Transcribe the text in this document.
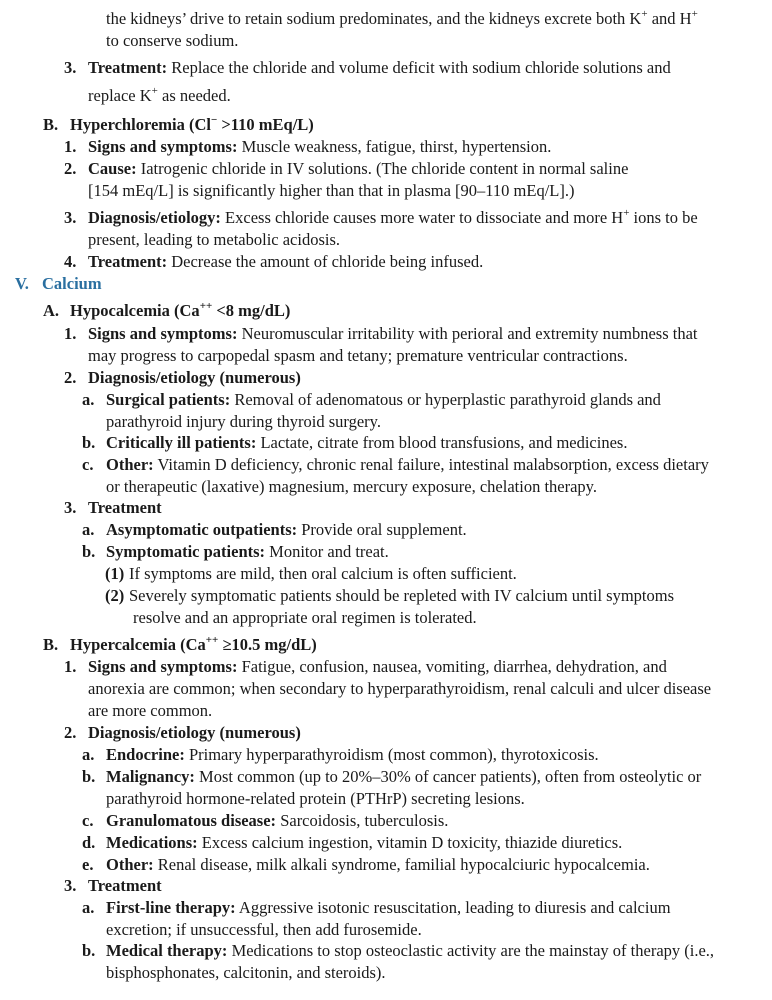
the kidneys’ drive to retain sodium predominates, and the kidneys excrete both K+ and H+
to conserve sodium.
3. Treatment: Replace the chloride and volume deficit with sodium chloride solutions and
replace K+ as needed.
B. Hyperchloremia (Cl− >110 mEq/L)
1. Signs and symptoms: Muscle weakness, fatigue, thirst, hypertension.
2. Cause: Iatrogenic chloride in IV solutions. (The chloride content in normal saline
[154 mEq/L] is significantly higher than that in plasma [90–110 mEq/L].)
3. Diagnosis/etiology: Excess chloride causes more water to dissociate and more H+ ions to be
present, leading to metabolic acidosis.
4. Treatment: Decrease the amount of chloride being infused.
V. Calcium
A. Hypocalcemia (Ca++ <8 mg/dL)
1. Signs and symptoms: Neuromuscular irritability with perioral and extremity numbness that
may progress to carpopedal spasm and tetany; premature ventricular contractions.
2. Diagnosis/etiology (numerous)
a. Surgical patients: Removal of adenomatous or hyperplastic parathyroid glands and
parathyroid injury during thyroid surgery.
b. Critically ill patients: Lactate, citrate from blood transfusions, and medicines.
c. Other: Vitamin D deficiency, chronic renal failure, intestinal malabsorption, excess dietary
or therapeutic (laxative) magnesium, mercury exposure, chelation therapy.
3. Treatment
a. Asymptomatic outpatients: Provide oral supplement.
b. Symptomatic patients: Monitor and treat.
(1) If symptoms are mild, then oral calcium is often sufficient.
(2) Severely symptomatic patients should be repleted with IV calcium until symptoms
resolve and an appropriate oral regimen is tolerated.
B. Hypercalcemia (Ca++ ≥10.5 mg/dL)
1. Signs and symptoms: Fatigue, confusion, nausea, vomiting, diarrhea, dehydration, and
anorexia are common; when secondary to hyperparathyroidism, renal calculi and ulcer disease
are more common.
2. Diagnosis/etiology (numerous)
a. Endocrine: Primary hyperparathyroidism (most common), thyrotoxicosis.
b. Malignancy: Most common (up to 20%–30% of cancer patients), often from osteolytic or
parathyroid hormone-related protein (PTHrP) secreting lesions.
c. Granulomatous disease: Sarcoidosis, tuberculosis.
d. Medications: Excess calcium ingestion, vitamin D toxicity, thiazide diuretics.
e. Other: Renal disease, milk alkali syndrome, familial hypocalciuric hypocalcemia.
3. Treatment
a. First-line therapy: Aggressive isotonic resuscitation, leading to diuresis and calcium
excretion; if unsuccessful, then add furosemide.
b. Medical therapy: Medications to stop osteoclastic activity are the mainstay of therapy (i.e.,
bisphosphonates, calcitonin, and steroids).
